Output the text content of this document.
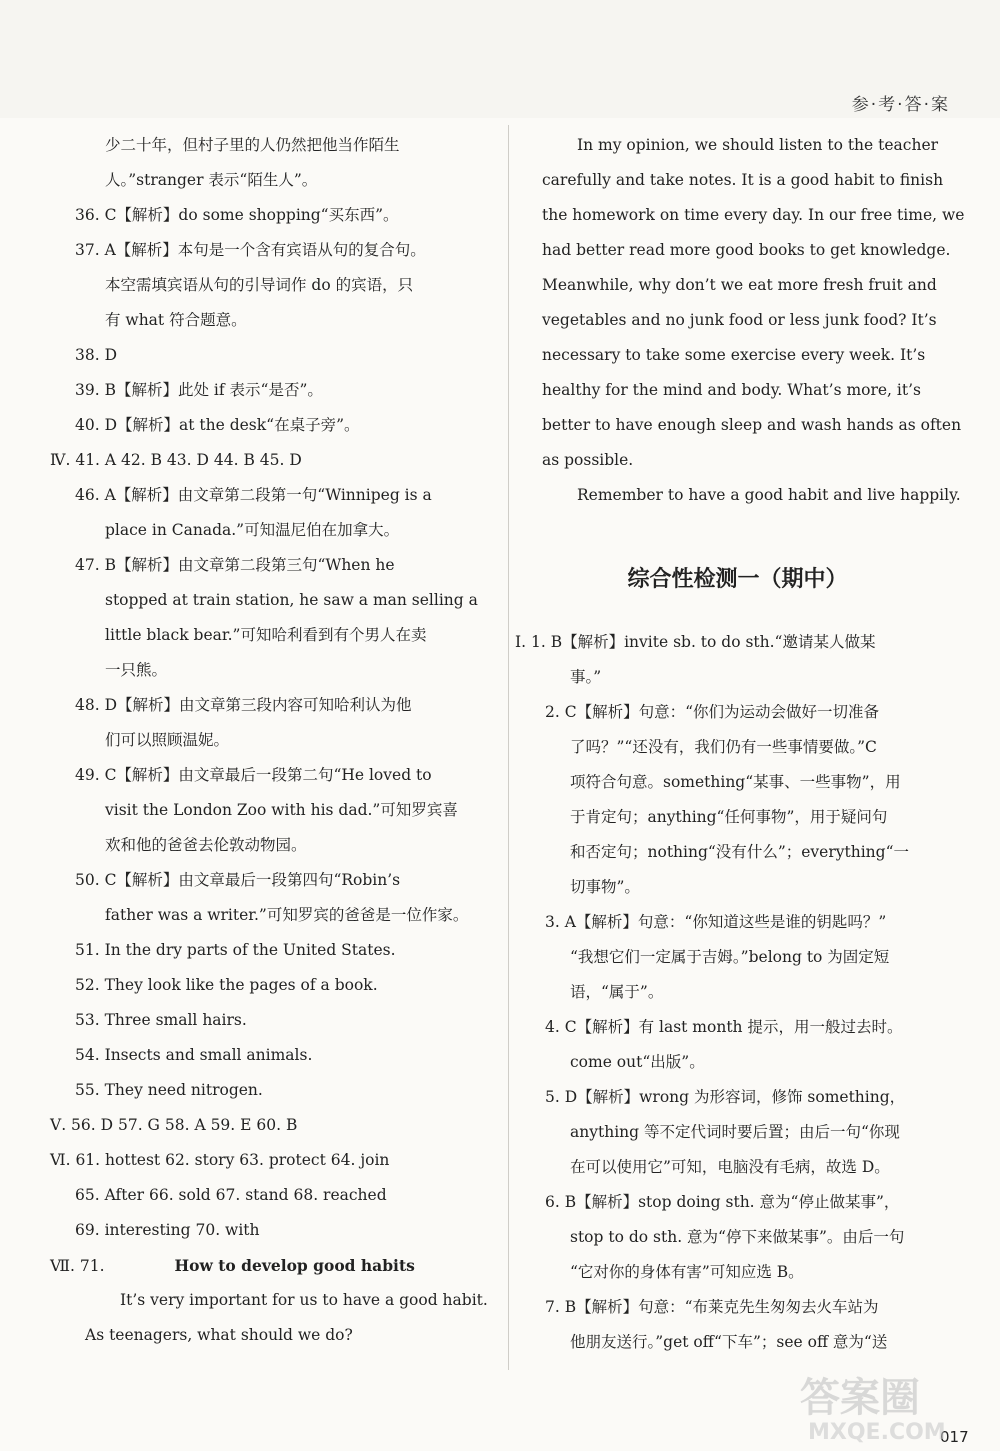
参·考·答·案
少二十年，但村子里的人仍然把他当作陌生
人。”stranger 表示“陌生人”。
36. C【解析】do some shopping“买东西”。
37. A【解析】本句是一个含有宾语从句的复合句。
本空需填宾语从句的引导词作 do 的宾语，只
有 what 符合题意。
38. D
39. B【解析】此处 if 表示“是否”。
40. D【解析】at the desk“在桌子旁”。
Ⅳ. 41. A 42. B 43. D 44. B 45. D
46. A【解析】由文章第二段第一句“Winnipeg is a
place in Canada.”可知温尼伯在加拿大。
47. B【解析】由文章第二段第三句“When he
stopped at train station, he saw a man selling a
little black bear.”可知哈利看到有个男人在卖
一只熊。
48. D【解析】由文章第三段内容可知哈利认为他
们可以照顾温妮。
49. C【解析】由文章最后一段第二句“He loved to
visit the London Zoo with his dad.”可知罗宾喜
欢和他的爸爸去伦敦动物园。
50. C【解析】由文章最后一段第四句“Robin’s
father was a writer.”可知罗宾的爸爸是一位作家。
51. In the dry parts of the United States.
52. They look like the pages of a book.
53. Three small hairs.
54. Insects and small animals.
55. They need nitrogen.
Ⅴ. 56. D 57. G 58. A 59. E 60. B
Ⅵ. 61. hottest 62. story 63. protect 64. join
65. After 66. sold 67. stand 68. reached
69. interesting 70. with
Ⅶ. 71.	How to develop good habits
It’s very important for us to have a good habit.
As teenagers, what should we do?
In my opinion, we should listen to the teacher
carefully and take notes. It is a good habit to finish
the homework on time every day. In our free time, we
had better read more good books to get knowledge.
Meanwhile, why don’t we eat more fresh fruit and
vegetables and no junk food or less junk food? It’s
necessary to take some exercise every week. It’s
healthy for the mind and body. What’s more, it’s
better to have enough sleep and wash hands as often
as possible.
Remember to have a good habit and live happily.
综合性检测一（期中）
Ⅰ. 1. B【解析】invite sb. to do sth.“邀请某人做某
事。”
2. C【解析】句意：“你们为运动会做好一切准备
了吗？”“还没有，我们仍有一些事情要做。”C
项符合句意。something“某事、一些事物”，用
于肯定句；anything“任何事物”，用于疑问句
和否定句；nothing“没有什么”；everything“一
切事物”。
3. A【解析】句意：“你知道这些是谁的钥匙吗？”
“我想它们一定属于吉姆。”belong to 为固定短
语，“属于”。
4. C【解析】有 last month 提示，用一般过去时。
come out“出版”。
5. D【解析】wrong 为形容词，修饰 something，
anything 等不定代词时要后置；由后一句“你现
在可以使用它”可知，电脑没有毛病，故选 D。
6. B【解析】stop doing sth. 意为“停止做某事”，
stop to do sth. 意为“停下来做某事”。由后一句
“它对你的身体有害”可知应选 B。
7. B【解析】句意：“布莱克先生匆匆去火车站为
他朋友送行。”get off“下车”；see off 意为“送
017
答案圈
MXQE.COM
